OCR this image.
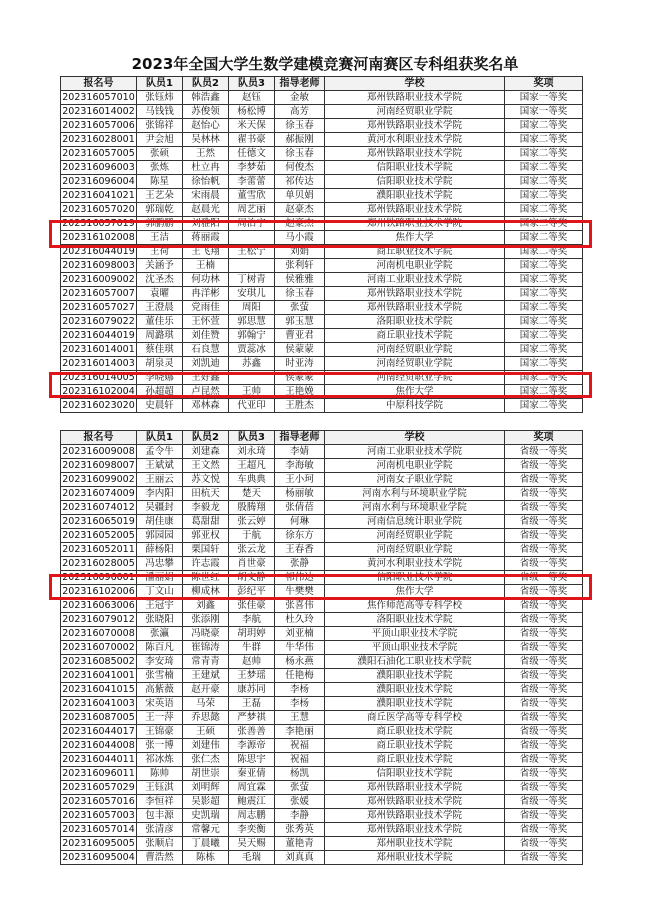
2023年全国大学生数学建模竞赛河南赛区专科组获奖名单
报名号	队员1	队员2	队员3	指导老师	学校	奖项
202316057010	张钰炜	韩浩鑫	赵钰	金敏	郑州铁路职业技术学院	国家一等奖
202316014002	马钱钱	苏俊领	杨松博	高芳	河南经贸职业学院	国家一等奖
202316057006	张锦祥	赵怡心	米天保	徐玉春	郑州铁路职业技术学院	国家二等奖
202316028001	尹会旭	吴林林	翟书豪	郝振刚	黄河水利职业技术学院	国家二等奖
202316057005	张硕	王然	任德文	徐玉春	郑州铁路职业技术学院	国家二等奖
202316096003	张炼	杜立冉	李梦茹	何俊杰	信阳职业技术学院	国家二等奖
202316096004	陈星	徐怡帆	李蕾蕾	祁传达	信阳职业技术学院	国家二等奖
202316041021	王艺朵	宋雨晨	董雪欣	单贝娟	濮阳职业技术学院	国家二等奖
202316057020	郭瑞乾	赵晨光	周艺丽	赵豪杰	郑州铁路职业技术学院	国家二等奖
202316057019	郭鹏鹏	刘雅阳	周治宇	赵豪杰	郑州铁路职业技术学院	国家二等奖
202316102008	王洁	蒋丽霞		马小霞	焦作大学	国家二等奖
202316044019	王荷	王飞翔	王松宁	刘娟	商丘职业技术学院	国家二等奖
202316098003	关涵予	王楠		张利轩	河南机电职业学院	国家二等奖
202316009002	沈圣杰	何功林	丁树青	侯雅雅	河南工业职业技术学院	国家二等奖
202316057007	袁曜	冉洋彬	安琪儿	徐玉春	郑州铁路职业技术学院	国家二等奖
202316057027	王澄晨	党雨佳	周阳	张萤	郑州铁路职业技术学院	国家二等奖
202316079022	董佳乐	王怀萱	郭思慧	郭玉慧	洛阳职业技术学院	国家二等奖
202316044019	周潞琪	刘佳赞	郭翰宁	曹亚君	商丘职业技术学院	国家二等奖
202316014001	蔡佳琪	石良慧	贾蕊冰	侯蒙蒙	河南经贸职业学院	国家二等奖
202316014003	胡泉灵	刘凯迪	苏鑫	时亚涛	河南经贸职业学院	国家二等奖
202316014005	李晓娜	王好鑫		侯蒙蒙	河南经贸职业学院	国家二等奖
202316102004	孙超超	卢昆然	王帅	王艳娩	焦作大学	国家二等奖
202316023020	史晨轩	邓林森	代亚印	王胜杰	中原科技学院	国家二等奖
报名号	队员1	队员2	队员3	指导老师	学校	奖项
202316009008	孟令牛	刘建森	刘永琦	李婧	河南工业职业技术学院	省级一等奖
202316098007	王斌斌	王文然	王超凡	李海敏	河南机电职业学院	省级一等奖
202316099002	王丽云	苏文悦	车典典	王小珂	河南女子职业学院	省级一等奖
202316074009	李内阳	田杭天	楚天	杨丽敏	河南水利与环境职业学院	省级一等奖
202316074012	吴疆封	李毅龙	殷腾翔	张倩蓓	河南水利与环境职业学院	省级一等奖
202316065019	胡佳康	葛甜甜	张云婷	何琳	河南信息统计职业学院	省级一等奖
202316052005	郭园园	郭亚权	于航	徐东方	河南经贸职业学院	省级一等奖
202316052011	薛杨阳	栗国轩	张云龙	王春香	河南经贸职业学院	省级一等奖
202316028005	冯忠攀	许志霞	肖世豪	张静	黄河水利职业技术学院	省级一等奖
202316096001	潘丽娟	陈世红	胡文静	祁伟达	信阳职业技术学院	省级一等奖
202316102006	丁文山	柳成林	彭纪平	牛樊樊	焦作大学	省级一等奖
202316063006	王冠宇	刘鑫	张佳豪	张喜伟	焦作师范高等专科学校	省级一等奖
202316079012	张晓阳	张添刚	李航	杜久玲	洛阳职业技术学院	省级一等奖
202316070008	张瀛	冯晓豪	胡玥婷	刘亚楠	平顶山职业技术学院	省级一等奖
202316070002	陈百凡	崔锦涛	牛群	牛华伟	平顶山职业技术学院	省级一等奖
202316085002	李安琦	常青青	赵帅	杨永燕	濮阳石油化工职业技术学院	省级一等奖
202316041001	张雪楠	王建斌	王梦瑶	任艳梅	濮阳职业技术学院	省级一等奖
202316041015	高紫薇	赵开豪	康苏同	李杨	濮阳职业技术学院	省级一等奖
202316041003	宋英语	马荣	王磊	李杨	濮阳职业技术学院	省级一等奖
202316087005	王一萍	乔思懿	严梦祺	王慧	商丘医学高等专科学校	省级一等奖
202316044017	王锦豪	王硕	张善善	李艳丽	商丘职业技术学院	省级一等奖
202316044008	张一博	刘建伟	李源帝	祝福	商丘职业技术学院	省级一等奖
202316044011	祁冰炼	张仁杰	陈思宇	祝福	商丘职业技术学院	省级一等奖
202316096011	陈帅	胡世崇	秦亚倩	杨凯	信阳职业技术学院	省级一等奖
202316057029	王钰淇	刘明辉	周宜霖	张萤	郑州铁路职业技术学院	省级一等奖
202316057016	李恒祥	吴影超	鲍震江	张媛	郑州铁路职业技术学院	省级一等奖
202316057003	包丰源	史凯瑞	周志鹏	李静	郑州铁路职业技术学院	省级一等奖
202316057014	张清彦	常馨元	李奕衡	张秀英	郑州铁路职业技术学院	省级一等奖
202316095005	张顺启	丁晨曦	吴天赐	董艳青	郑州职业技术学院	省级一等奖
202316095004	曹浩然	陈栋	毛瑞	刘真真	郑州职业技术学院	省级一等奖
